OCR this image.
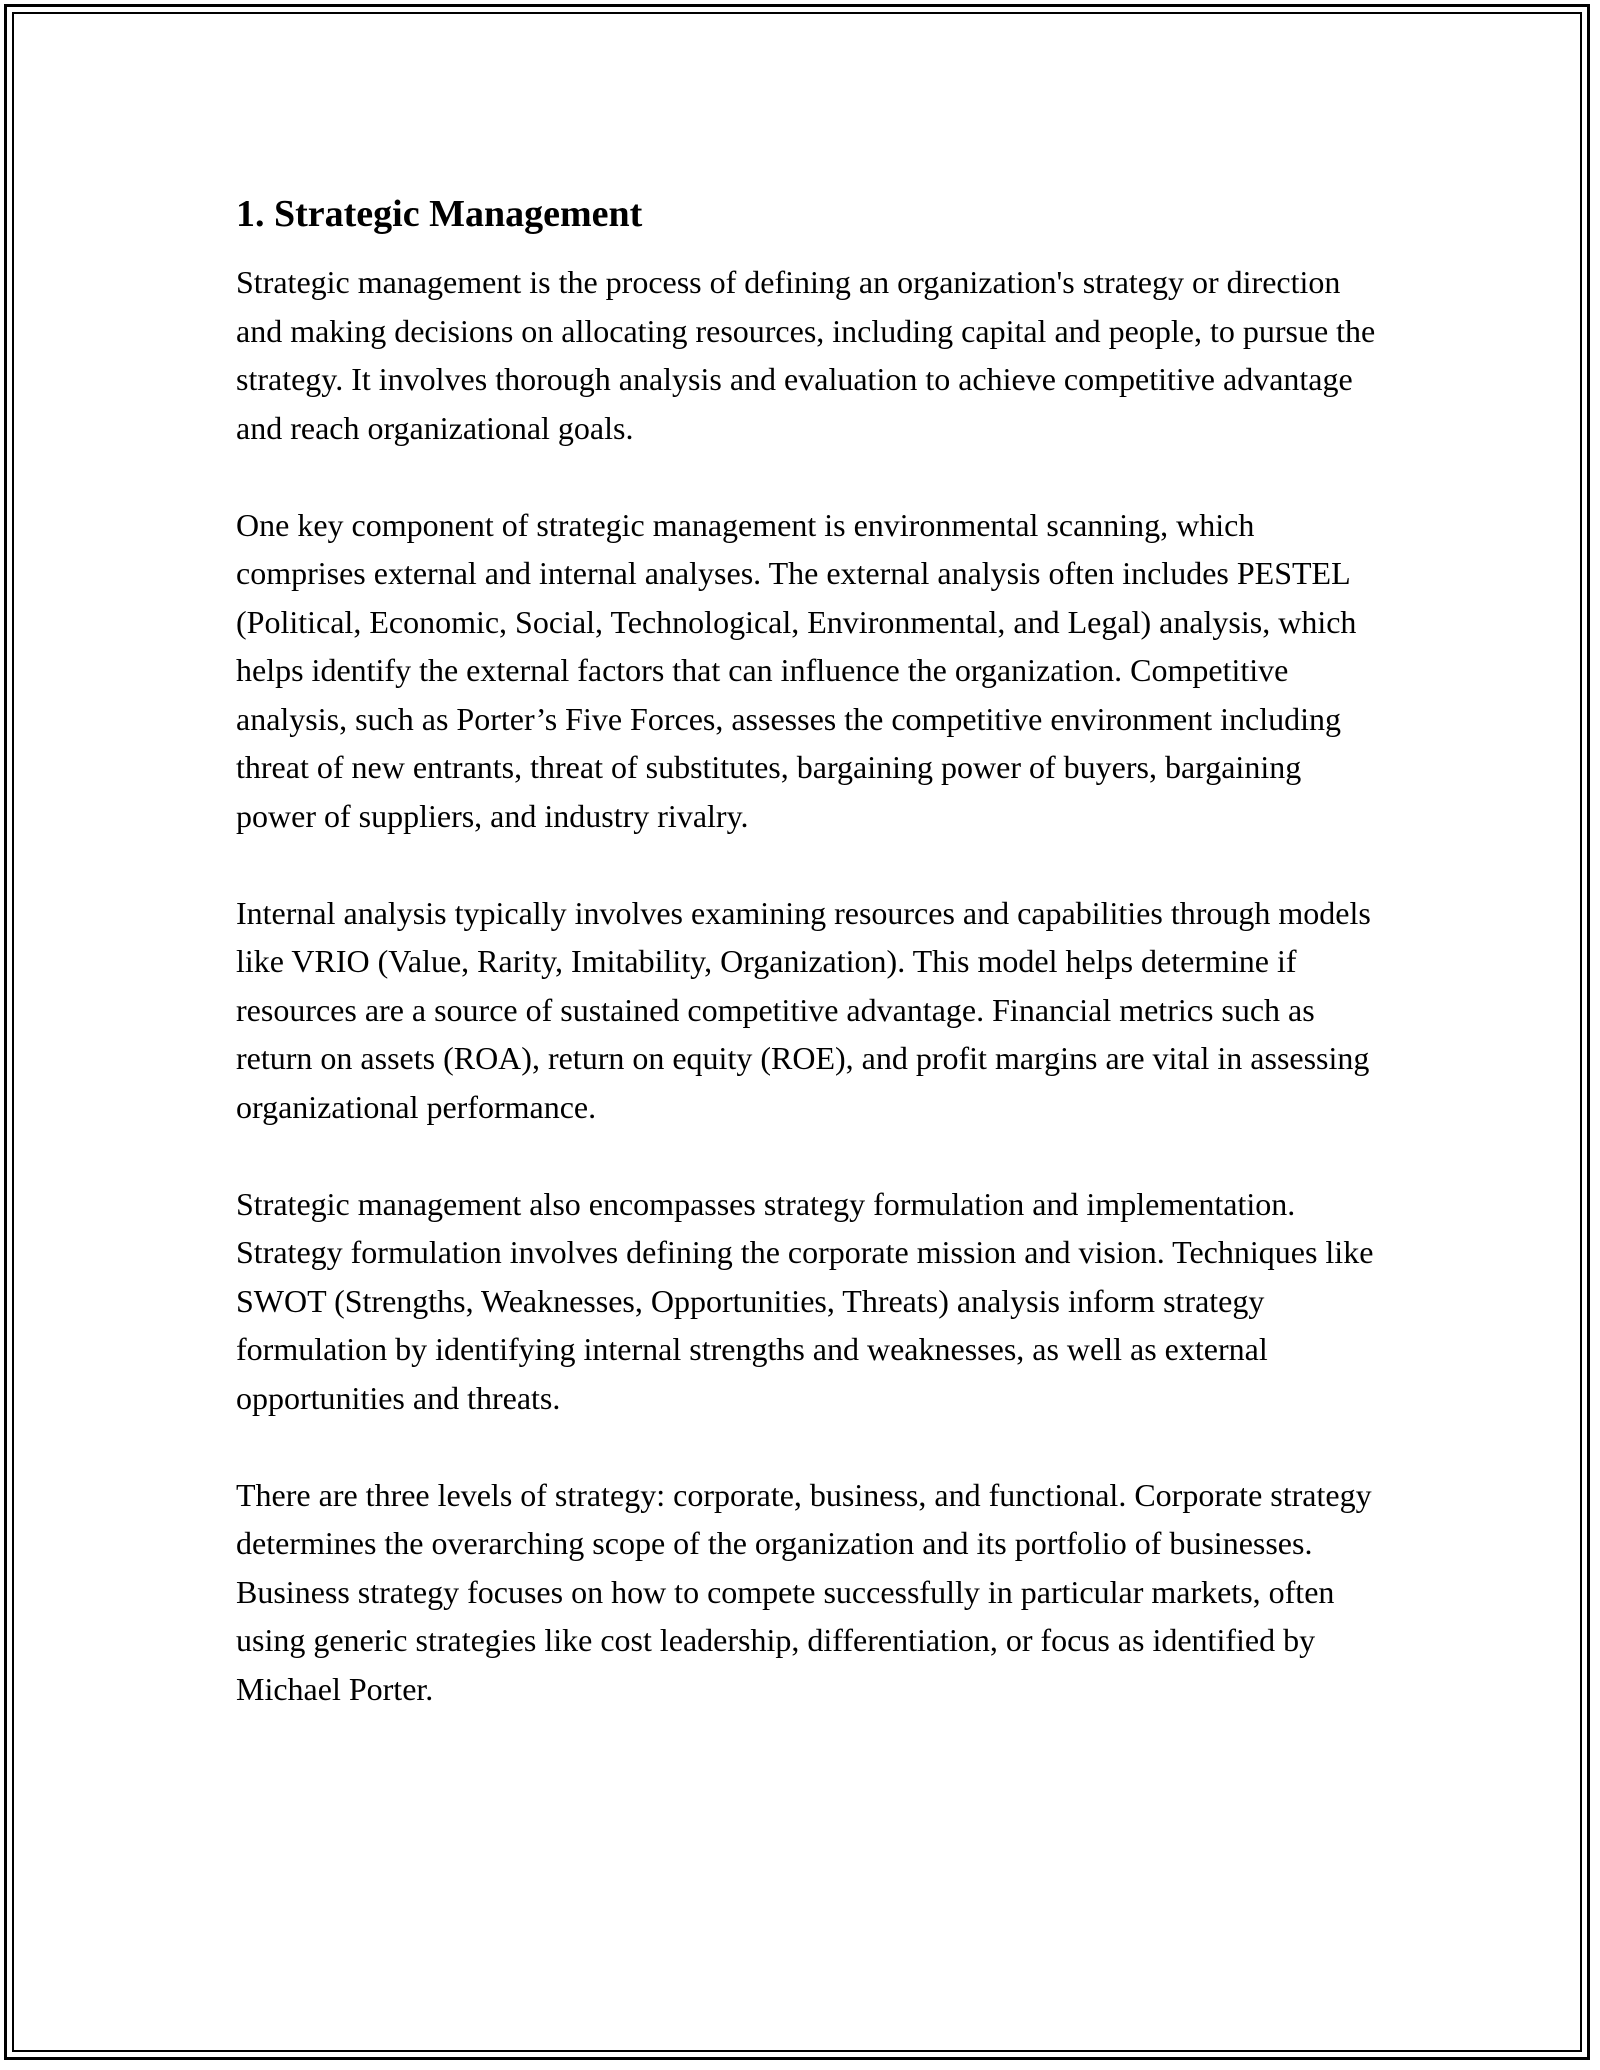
1. Strategic Management

Strategic management is the process of defining an organization's strategy or direction and making decisions on allocating resources, including capital and people, to pursue the strategy. It involves thorough analysis and evaluation to achieve competitive advantage and reach organizational goals.

One key component of strategic management is environmental scanning, which comprises external and internal analyses. The external analysis often includes PESTEL (Political, Economic, Social, Technological, Environmental, and Legal) analysis, which helps identify the external factors that can influence the organization. Competitive analysis, such as Porter’s Five Forces, assesses the competitive environment including threat of new entrants, threat of substitutes, bargaining power of buyers, bargaining power of suppliers, and industry rivalry.

Internal analysis typically involves examining resources and capabilities through models like VRIO (Value, Rarity, Imitability, Organization). This model helps determine if resources are a source of sustained competitive advantage. Financial metrics such as return on assets (ROA), return on equity (ROE), and profit margins are vital in assessing organizational performance.

Strategic management also encompasses strategy formulation and implementation. Strategy formulation involves defining the corporate mission and vision. Techniques like SWOT (Strengths, Weaknesses, Opportunities, Threats) analysis inform strategy formulation by identifying internal strengths and weaknesses, as well as external opportunities and threats.

There are three levels of strategy: corporate, business, and functional. Corporate strategy determines the overarching scope of the organization and its portfolio of businesses. Business strategy focuses on how to compete successfully in particular markets, often using generic strategies like cost leadership, differentiation, or focus as identified by Michael Porter.
